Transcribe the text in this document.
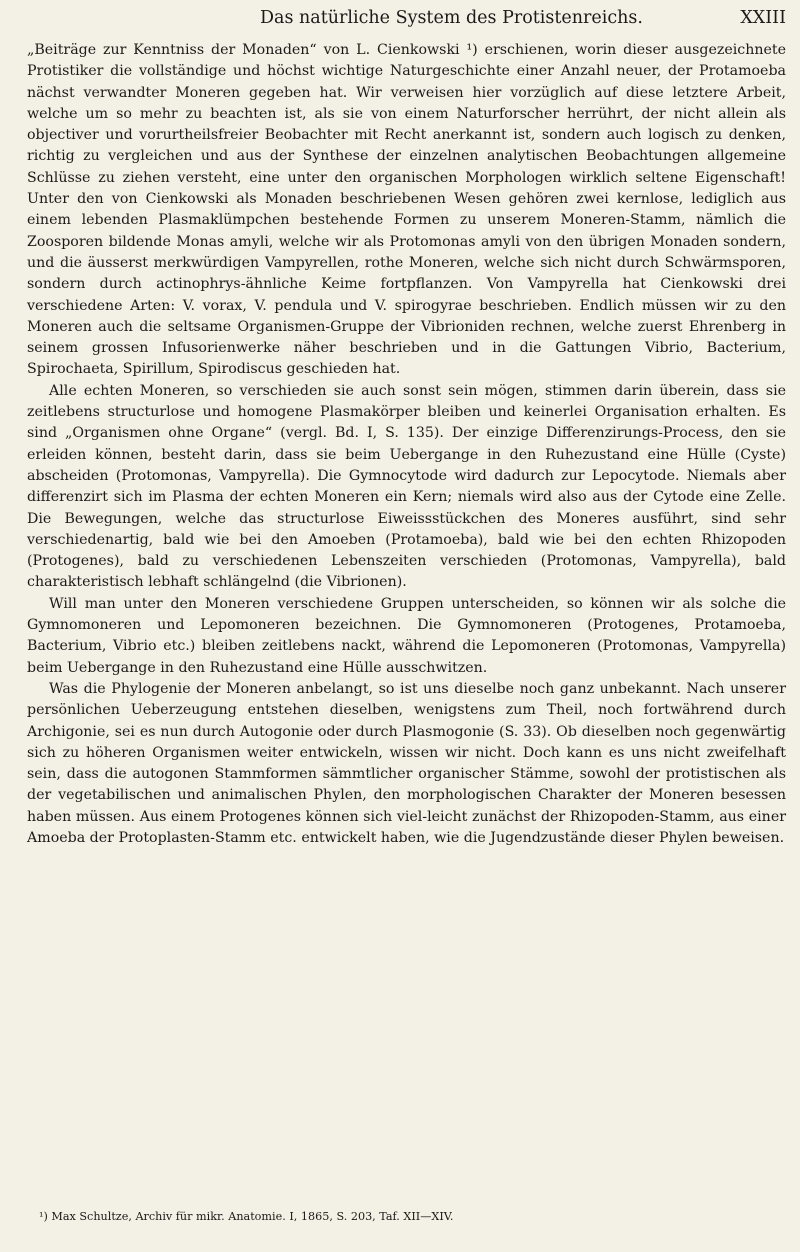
Das natürliche System des Protistenreichs.	XXIII

„Beiträge zur Kenntniss der Monaden“ von L. Cienkowski ¹) erschienen, worin dieser ausgezeichnete Protistiker die vollständige und höchst wichtige Naturgeschichte einer Anzahl neuer, der Protamoeba nächst verwandter Moneren gegeben hat. Wir verweisen hier vorzüglich auf diese letztere Arbeit, welche um so mehr zu beachten ist, als sie von einem Naturforscher herrührt, der nicht allein als objectiver und vorurtheilsfreier Beobachter mit Recht anerkannt ist, sondern auch logisch zu denken, richtig zu vergleichen und aus der Synthese der einzelnen analytischen Beobachtungen allgemeine Schlüsse zu ziehen versteht, eine unter den organischen Morphologen wirklich seltene Eigenschaft! Unter den von Cienkowski als Monaden beschriebenen Wesen gehören zwei kernlose, lediglich aus einem lebenden Plasmaklümpchen bestehende Formen zu unserem Moneren-Stamm, nämlich die Zoosporen bildende Monas amyli, welche wir als Protomonas amyli von den übrigen Monaden sondern, und die äusserst merkwürdigen Vampyrellen, rothe Moneren, welche sich nicht durch Schwärmsporen, sondern durch actinophrys-ähnliche Keime fortpflanzen. Von Vampyrella hat Cienkowski drei verschiedene Arten: V. vorax, V. pendula und V. spirogyrae beschrieben. Endlich müssen wir zu den Moneren auch die seltsame Organismen-Gruppe der Vibrioniden rechnen, welche zuerst Ehrenberg in seinem grossen Infusorienwerke näher beschrieben und in die Gattungen Vibrio, Bacterium, Spirochaeta, Spirillum, Spirodiscus geschieden hat.

Alle echten Moneren, so verschieden sie auch sonst sein mögen, stimmen darin überein, dass sie zeitlebens structurlose und homogene Plasmakörper bleiben und keinerlei Organisation erhalten. Es sind „Organismen ohne Organe“ (vergl. Bd. I, S. 135). Der einzige Differenzirungs-Process, den sie erleiden können, besteht darin, dass sie beim Uebergange in den Ruhezustand eine Hülle (Cyste) abscheiden (Protomonas, Vampyrella). Die Gymnocytode wird dadurch zur Lepocytode. Niemals aber differenzirt sich im Plasma der echten Moneren ein Kern; niemals wird also aus der Cytode eine Zelle. Die Bewegungen, welche das structurlose Eiweissstückchen des Moneres ausführt, sind sehr verschiedenartig, bald wie bei den Amoeben (Protamoeba), bald wie bei den echten Rhizopoden (Protogenes), bald zu verschiedenen Lebenszeiten verschieden (Protomonas, Vampyrella), bald charakteristisch lebhaft schlängelnd (die Vibrionen).

Will man unter den Moneren verschiedene Gruppen unterscheiden, so können wir als solche die Gymnomoneren und Lepomoneren bezeichnen. Die Gymnomoneren (Protogenes, Protamoeba, Bacterium, Vibrio etc.) bleiben zeitlebens nackt, während die Lepomoneren (Protomonas, Vampyrella) beim Uebergange in den Ruhezustand eine Hülle ausschwitzen.

Was die Phylogenie der Moneren anbelangt, so ist uns dieselbe noch ganz unbekannt. Nach unserer persönlichen Ueberzeugung entstehen dieselben, wenigstens zum Theil, noch fortwährend durch Archigonie, sei es nun durch Autogonie oder durch Plasmogonie (S. 33). Ob dieselben noch gegenwärtig sich zu höheren Organismen weiter entwickeln, wissen wir nicht. Doch kann es uns nicht zweifelhaft sein, dass die autogonen Stammformen sämmtlicher organischer Stämme, sowohl der protistischen als der vegetabilischen und animalischen Phylen, den morphologischen Charakter der Moneren besessen haben müssen. Aus einem Protogenes können sich viel-leicht zunächst der Rhizopoden-Stamm, aus einer Amoeba der Protoplasten-Stamm etc. entwickelt haben, wie die Jugendzustände dieser Phylen beweisen.

¹) Max Schultze, Archiv für mikr. Anatomie. I, 1865, S. 203, Taf. XII—XIV.
